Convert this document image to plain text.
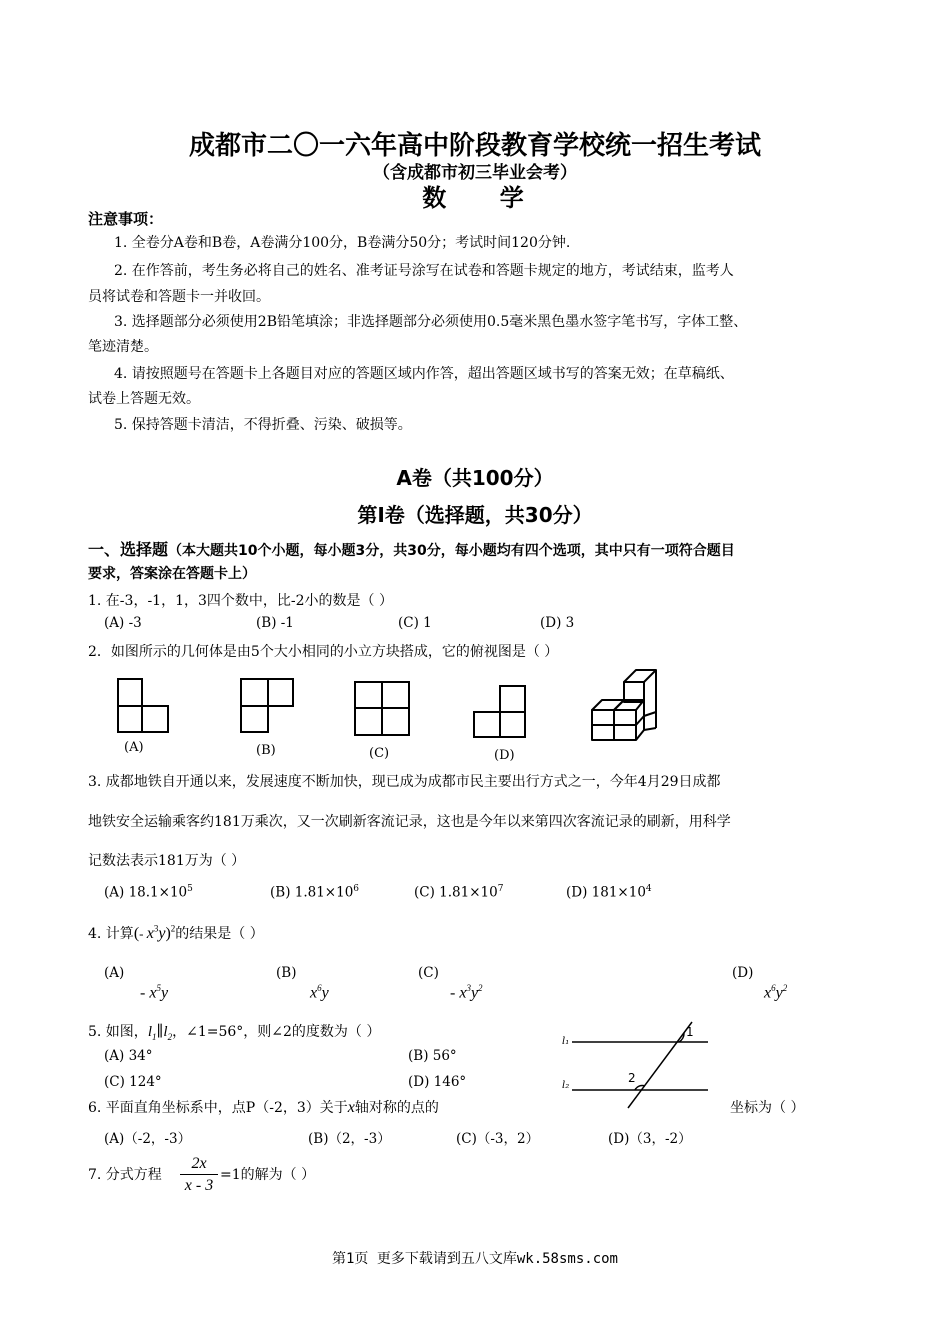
成都市二〇一六年高中阶段教育学校统一招生考试
（含成都市初三毕业会考）
数    学
注意事项：
1. 全卷分A卷和B卷，A卷满分100分，B卷满分50分；考试时间120分钟.
2. 在作答前，考生务必将自己的姓名、准考证号涂写在试卷和答题卡规定的地方，考试结束，监考人
员将试卷和答题卡一并收回。
3. 选择题部分必须使用2B铅笔填涂；非选择题部分必须使用0.5毫米黑色墨水签字笔书写，字体工整、
笔迹清楚。
4. 请按照题号在答题卡上各题目对应的答题区域内作答，超出答题区域书写的答案无效；在草稿纸、
试卷上答题无效。
5. 保持答题卡清洁，不得折叠、污染、破损等。
A卷（共100分）
第Ⅰ卷（选择题，共30分）
一、选择题（本大题共10个小题，每小题3分，共30分，每小题均有四个选项，其中只有一项符合题目
要求，答案涂在答题卡上）
1. 在-3，-1，1，3四个数中，比-2小的数是（ ）
(A) -3	(B) -1	(C) 1	(D) 3
2．如图所示的几何体是由5个大小相同的小立方块搭成，它的俯视图是（ ）
(A)	(B)	(C)	(D)
3. 成都地铁自开通以来，发展速度不断加快，现已成为成都市民主要出行方式之一，今年4月29日成都
地铁安全运输乘客约181万乘次，又一次刷新客流记录，这也是今年以来第四次客流记录的刷新，用科学
记数法表示181万为（ ）
(A) $18.1\times 10^5$	(B) $1.81\times 10^6$	(C) $1.81\times 10^7$	(D) $181\times 10^4$
4. 计算(- $x^3y)^2$的结果是（ ）
(A)
- $x^5y$
(B)
$x^6y$
(C)
- $x^3y^2$
(D)
$x^6y^2$
5. 如图，$l_1\parallel l_2$，∠1=56°，则∠2的度数为（ ）
(A) 34°	(B) 56°
(C) 124°	(D) 146°
1
2
l₁
l₂
6. 平面直角坐标系中，点P（-2，3）关于x轴对称的点的	坐标为（ ）
(A)（-2，-3）	(B)（2，-3）	(C)（-3，2）	(D)（3，-2）
7. 分式方程 $\frac{2x}{x - 3} =1$的解为（ ）
第1页 更多下载请到五八文库wk.58sms.com
